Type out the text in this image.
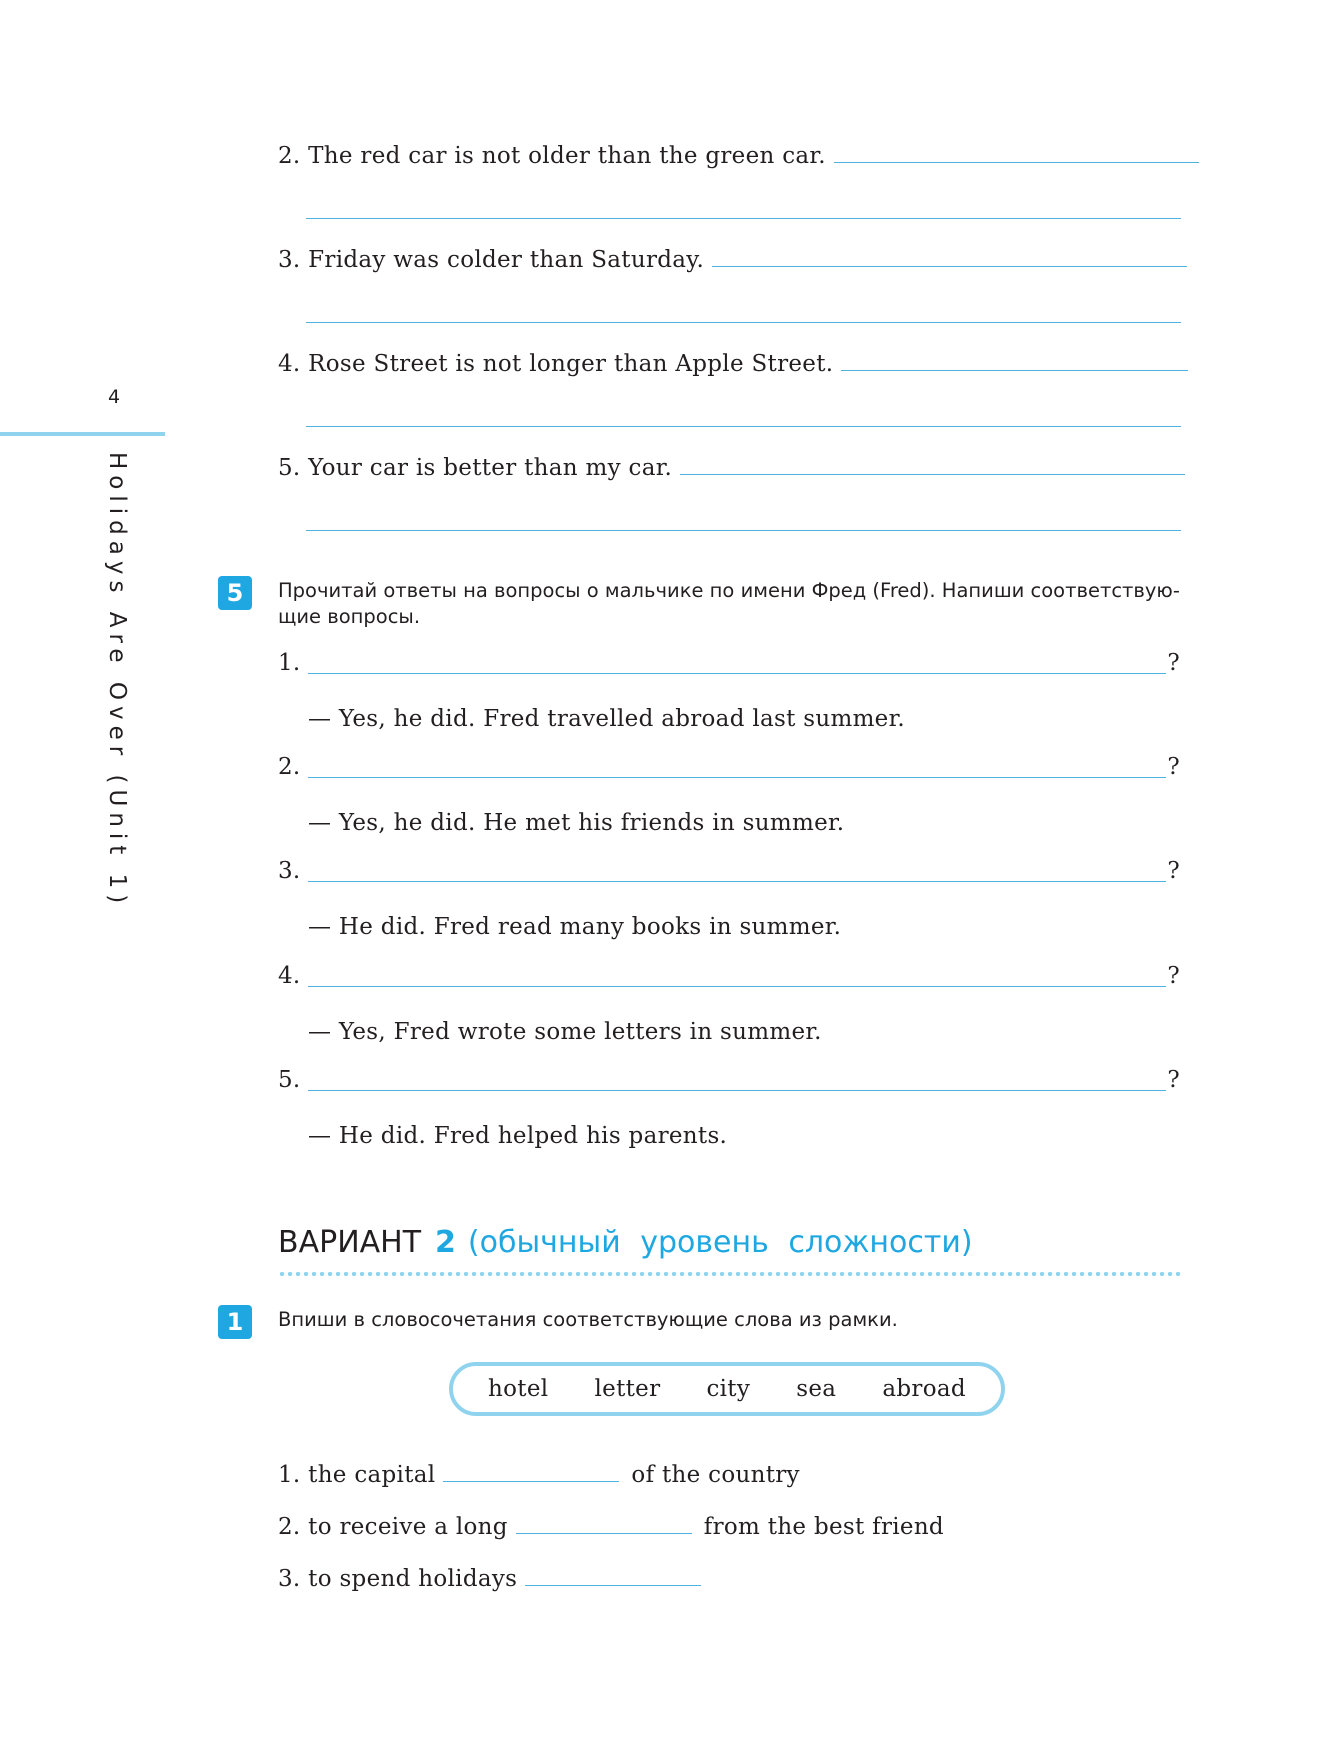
4
Holidays Are Over (Unit 1)
2. The red car is not older than the green car.
3. Friday was colder than Saturday.
4. Rose Street is not longer than Apple Street.
5. Your car is better than my car.
5	Прочитай ответы на вопросы о мальчике по имени Фред (Fred). Напиши соответствую-щие вопросы.
1.	?
— Yes, he did. Fred travelled abroad last summer.
2.	?
— Yes, he did. He met his friends in summer.
3.	?
— He did. Fred read many books in summer.
4.	?
— Yes, Fred wrote some letters in summer.
5.	?
— He did. Fred helped his parents.
ВАРИАНТ 2 (обычный уровень сложности)
1	Впиши в словосочетания соответствующие слова из рамки.
hotel letter city sea abroad
1. the capital	of the country
2. to receive a long	from the best friend
3. to spend holidays
